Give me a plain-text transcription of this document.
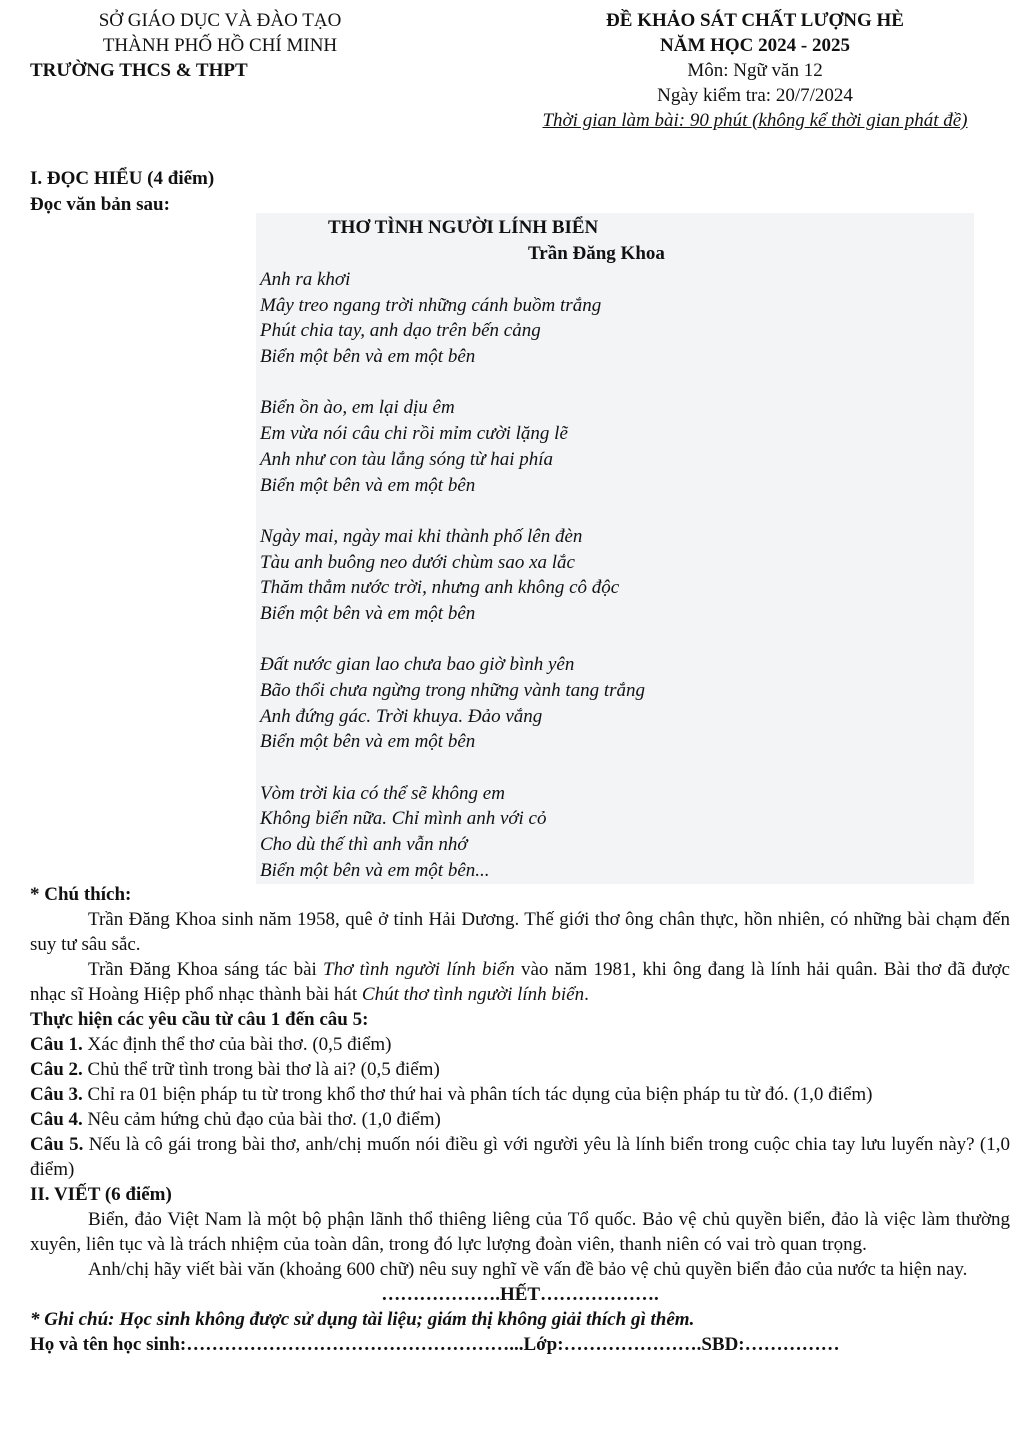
SỞ GIÁO DỤC VÀ ĐÀO TẠO
THÀNH PHỐ HỒ CHÍ MINH
TRƯỜNG THCS & THPT
ĐỀ KHẢO SÁT CHẤT LƯỢNG HÈ
NĂM HỌC 2024 - 2025
Môn: Ngữ văn 12
Ngày kiểm tra: 20/7/2024
Thời gian làm bài: 90 phút (không kể thời gian phát đề)
I. ĐỌC HIỂU (4 điểm)
Đọc văn bản sau:
THƠ TÌNH NGƯỜI LÍNH BIỂN
Trần Đăng Khoa
Anh ra khơi
Mây treo ngang trời những cánh buồm trắng
Phút chia tay, anh dạo trên bến cảng
Biển một bên và em một bên
Biển ồn ào, em lại dịu êm
Em vừa nói câu chi rồi mỉm cười lặng lẽ
Anh như con tàu lắng sóng từ hai phía
Biển một bên và em một bên
Ngày mai, ngày mai khi thành phố lên đèn
Tàu anh buông neo dưới chùm sao xa lắc
Thăm thẳm nước trời, nhưng anh không cô độc
Biển một bên và em một bên
Đất nước gian lao chưa bao giờ bình yên
Bão thổi chưa ngừng trong những vành tang trắng
Anh đứng gác. Trời khuya. Đảo vắng
Biển một bên và em một bên
Vòm trời kia có thể sẽ không em
Không biển nữa. Chỉ mình anh với cỏ
Cho dù thế thì anh vẫn nhớ
Biển một bên và em một bên...

* Chú thích:

Trần Đăng Khoa sinh năm 1958, quê ở tỉnh Hải Dương. Thế giới thơ ông chân thực, hồn nhiên, có những bài chạm đến suy tư sâu sắc.

Trần Đăng Khoa sáng tác bài Thơ tình người lính biển vào năm 1981, khi ông đang là lính hải quân. Bài thơ đã được nhạc sĩ Hoàng Hiệp phổ nhạc thành bài hát Chút thơ tình người lính biển.

Thực hiện các yêu cầu từ câu 1 đến câu 5:

Câu 1. Xác định thể thơ của bài thơ. (0,5 điểm)

Câu 2. Chủ thể trữ tình trong bài thơ là ai? (0,5 điểm)

Câu 3. Chỉ ra 01 biện pháp tu từ trong khổ thơ thứ hai và phân tích tác dụng của biện pháp tu từ đó. (1,0 điểm)

Câu 4. Nêu cảm hứng chủ đạo của bài thơ. (1,0 điểm)

Câu 5. Nếu là cô gái trong bài thơ, anh/chị muốn nói điều gì với người yêu là lính biển trong cuộc chia tay lưu luyến này? (1,0 điểm)

II. VIẾT (6 điểm)

Biển, đảo Việt Nam là một bộ phận lãnh thổ thiêng liêng của Tổ quốc. Bảo vệ chủ quyền biển, đảo là việc làm thường xuyên, liên tục và là trách nhiệm của toàn dân, trong đó lực lượng đoàn viên, thanh niên có vai trò quan trọng.

Anh/chị hãy viết bài văn (khoảng 600 chữ) nêu suy nghĩ về vấn đề bảo vệ chủ quyền biển đảo của nước ta hiện nay.

……………….HẾT……………….

* Ghi chú: Học sinh không được sử dụng tài liệu; giám thị không giải thích gì thêm.

Họ và tên học sinh:……………………………………………...Lớp:………………….SBD:……………
